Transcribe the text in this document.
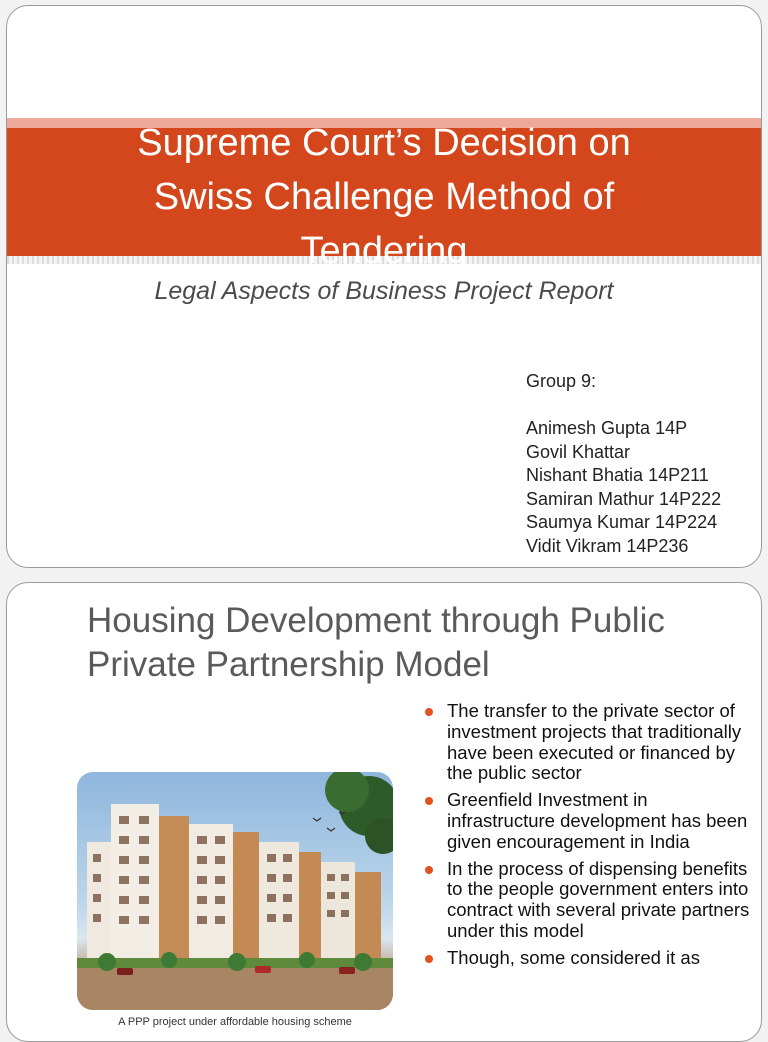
Supreme Court’s Decision on
Swiss Challenge Method of
Tendering
Legal Aspects of Business Project Report
Group 9:
Animesh Gupta 14P
Govil Khattar
Nishant Bhatia 14P211
Samiran Mathur 14P222
Saumya Kumar 14P224
Vidit Vikram 14P236
Housing Development through Public
Private Partnership Model
A PPP project under affordable housing scheme
The transfer to the private sector of investment projects that traditionally have been executed or financed by the public sector
Greenfield Investment in infrastructure development has been given encouragement in India
In the process of dispensing benefits to the people government enters into contract with several private partners under this model
Though, some considered it as
